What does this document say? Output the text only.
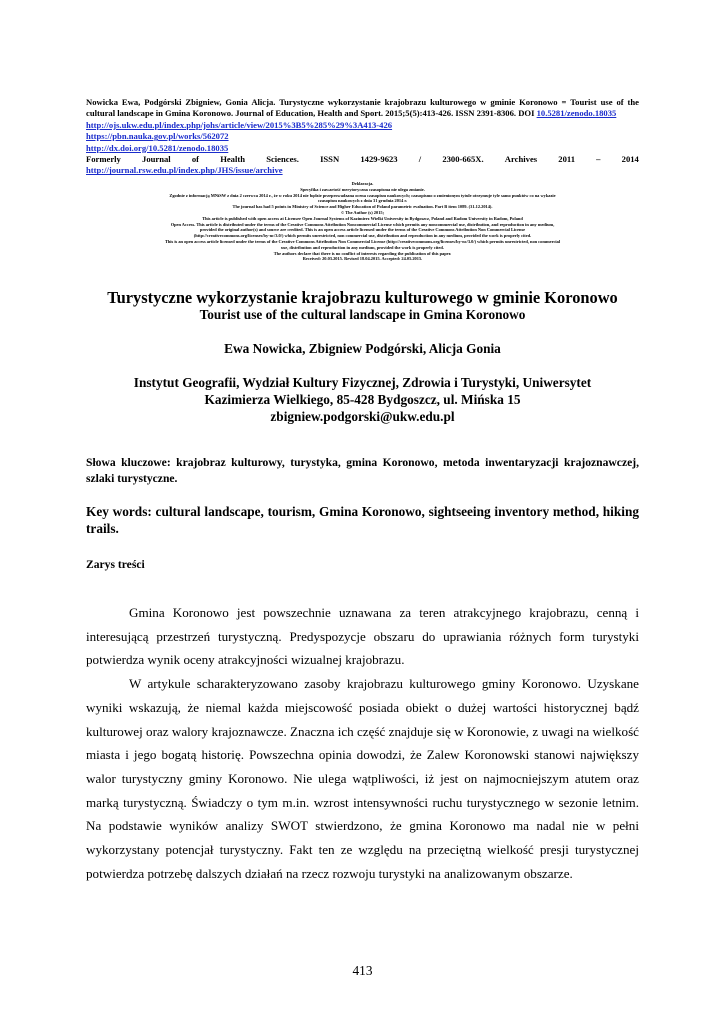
Nowicka Ewa, Podgórski Zbigniew, Gonia Alicja. Turystyczne wykorzystanie krajobrazu kulturowego w gminie Koronowo = Tourist use of the cultural landscape in Gmina Koronowo. Journal of Education, Health and Sport. 2015;5(5):413-426. ISSN 2391-8306. DOI 10.5281/zenodo.18035

http://ojs.ukw.edu.pl/index.php/johs/article/view/2015%3B5%285%29%3A413-426
https://pbn.nauka.gov.pl/works/562072
http://dx.doi.org/10.5281/zenodo.18035
Formerly Journal of Health Sciences. ISSN 1429-9623 / 2300-665X. Archives 2011 – 2014
http://journal.rsw.edu.pl/index.php/JHS/issue/archive
Deklaracja.
Specyfika i zawartość merytoryczna czasopisma nie ulega zmianie.
Zgodnie z informacją MNiSW z dnia 2 czerwca 2014 r., że w roku 2014 nie będzie przeprowadzana ocena czasopism naukowych; czasopismo o zmienionym tytule otrzymuje tyle samo punktów co na wykazie
czasopism naukowych z dnia 31 grudnia 2014 r.
The journal has had 5 points in Ministry of Science and Higher Education of Poland parametric evaluation. Part B item 1089. (31.12.2014).
© The Author (s) 2015;
This article is published with open access at Licensee Open Journal Systems of Kazimierz Wielki University in Bydgoszcz, Poland and Radom University in Radom, Poland
Open Access. This article is distributed under the terms of the Creative Commons Attribution Noncommercial License which permits any noncommercial use, distribution, and reproduction in any medium,
provided the original author(s) and source are credited. This is an open access article licensed under the terms of the Creative Commons Attribution Non Commercial License
(http://creativecommons.org/licenses/by-nc/3.0/) which permits unrestricted, non commercial use, distribution and reproduction in any medium, provided the work is properly cited.
This is an open access article licensed under the terms of the Creative Commons Attribution Non Commercial License (http://creativecommons.org/licenses/by-nc/3.0/) which permits unrestricted, non commercial
use, distribution and reproduction in any medium, provided the work is properly cited.
The authors declare that there is no conflict of interests regarding the publication of this paper.
Received: 20.03.2015. Revised 18.04.2015. Accepted: 24.05.2015.
Turystyczne wykorzystanie krajobrazu kulturowego w gminie Koronowo
Tourist use of the cultural landscape in Gmina Koronowo
Ewa Nowicka, Zbigniew Podgórski, Alicja Gonia
Instytut Geografii, Wydział Kultury Fizycznej, Zdrowia i Turystyki, Uniwersytet
Kazimierza Wielkiego, 85-428 Bydgoszcz, ul. Mińska 15
zbigniew.podgorski@ukw.edu.pl
Słowa kluczowe: krajobraz kulturowy, turystyka, gmina Koronowo, metoda inwentaryzacji krajoznawczej, szlaki turystyczne.
Key words: cultural landscape, tourism, Gmina Koronowo, sightseeing inventory method, hiking trails.
Zarys treści

Gmina Koronowo jest powszechnie uznawana za teren atrakcyjnego krajobrazu, cenną i interesującą przestrzeń turystyczną. Predyspozycje obszaru do uprawiania różnych form turystyki potwierdza wynik oceny atrakcyjności wizualnej krajobrazu.

W artykule scharakteryzowano zasoby krajobrazu kulturowego gminy Koronowo. Uzyskane wyniki wskazują, że niemal każda miejscowość posiada obiekt o dużej wartości historycznej bądź kulturowej oraz walory krajoznawcze. Znaczna ich część znajduje się w Koronowie, z uwagi na wielkość miasta i jego bogatą historię. Powszechna opinia dowodzi, że Zalew Koronowski stanowi największy walor turystyczny gminy Koronowo. Nie ulega wątpliwości, iż jest on najmocniejszym atutem oraz marką turystyczną. Świadczy o tym m.in. wzrost intensywności ruchu turystycznego w sezonie letnim. Na podstawie wyników analizy SWOT stwierdzono, że gmina Koronowo ma nadal nie w pełni wykorzystany potencjał turystyczny. Fakt ten ze względu na przeciętną wielkość presji turystycznej potwierdza potrzebę dalszych działań na rzecz rozwoju turystyki na analizowanym obszarze.

413
